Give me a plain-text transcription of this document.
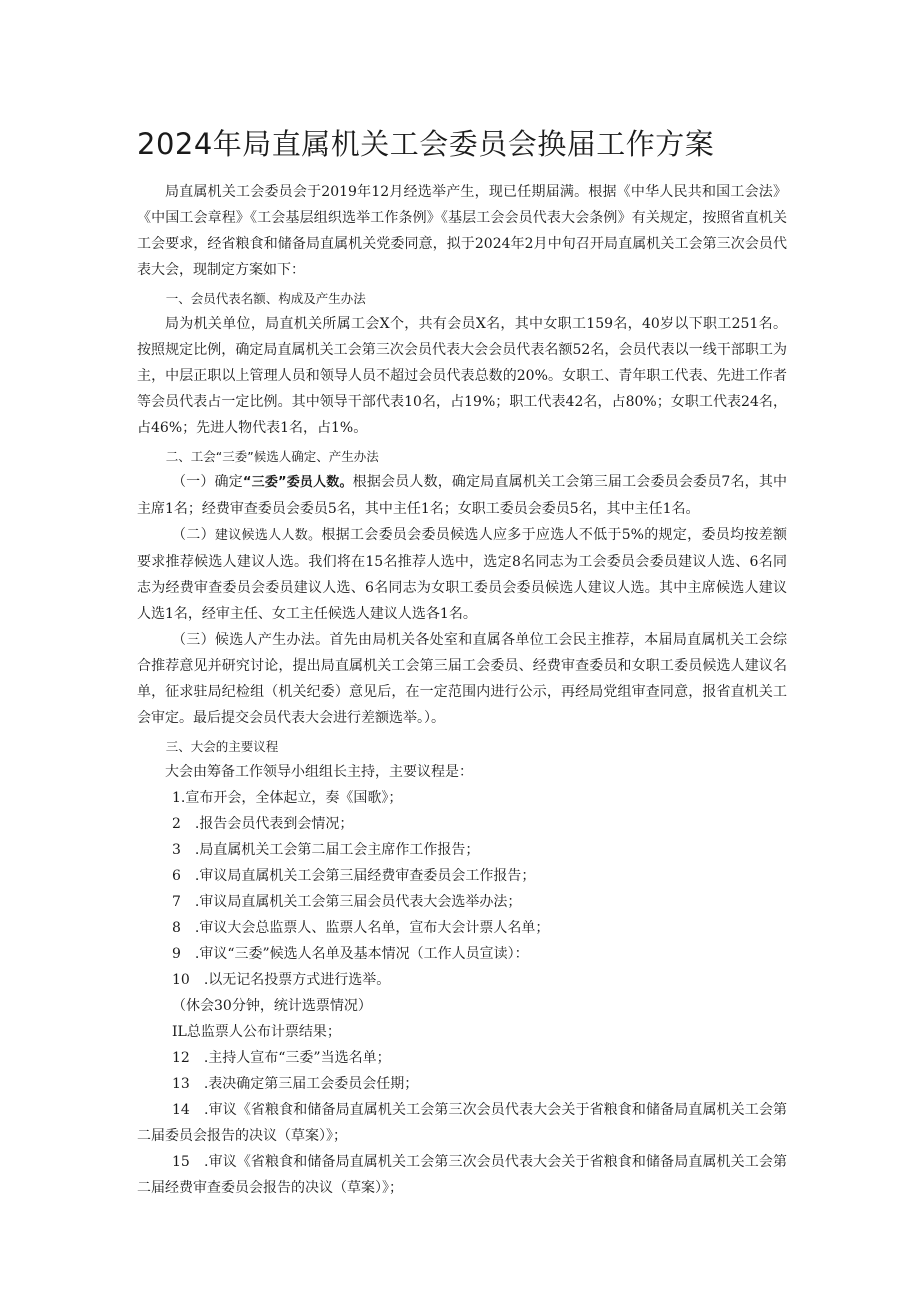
2024年局直属机关工会委员会换届工作方案

局直属机关工会委员会于2019年12月经选举产生，现已任期届满。根据《中华人民共和国工会法》《中国工会章程》《工会基层组织选举工作条例》《基层工会会员代表大会条例》有关规定，按照省直机关工会要求，经省粮食和储备局直属机关党委同意，拟于2024年2月中旬召开局直属机关工会第三次会员代表大会，现制定方案如下：

一、会员代表名额、构成及产生办法

局为机关单位，局直机关所属工会X个，共有会员X名，其中女职工159名，40岁以下职工251名。按照规定比例，确定局直属机关工会第三次会员代表大会会员代表名额52名，会员代表以一线干部职工为主，中层正职以上管理人员和领导人员不超过会员代表总数的20%。女职工、青年职工代表、先进工作者等会员代表占一定比例。其中领导干部代表10名，占19%；职工代表42名，占80%；女职工代表24名，占46%；先进人物代表1名，占1%。

二、工会“三委”候选人确定、产生办法

（一）确定“三委”委员人数。根据会员人数，确定局直属机关工会第三届工会委员会委员7名，其中主席1名；经费审查委员会委员5名，其中主任1名；女职工委员会委员5名，其中主任1名。

（二）建议候选人人数。根据工会委员会委员候选人应多于应选人不低于5%的规定，委员均按差额要求推荐候选人建议人选。我们将在15名推荐人选中，选定8名同志为工会委员会委员建议人选、6名同志为经费审查委员会委员建议人选、6名同志为女职工委员会委员候选人建议人选。其中主席候选人建议人选1名，经审主任、女工主任候选人建议人选各1名。

（三）候选人产生办法。首先由局机关各处室和直属各单位工会民主推荐，本届局直属机关工会综合推荐意见并研究讨论，提出局直属机关工会第三届工会委员、经费审查委员和女职工委员候选人建议名单，征求驻局纪检组（机关纪委）意见后，在一定范围内进行公示，再经局党组审查同意，报省直机关工会审定。最后提交会员代表大会进行差额选举。）。

三、大会的主要议程

大会由筹备工作领导小组组长主持，主要议程是：

1.宣布开会，全体起立，奏《国歌》；

2　.报告会员代表到会情况；

3　.局直属机关工会第二届工会主席作工作报告；

6　.审议局直属机关工会第三届经费审查委员会工作报告；

7　.审议局直属机关工会第三届会员代表大会选举办法；

8　.审议大会总监票人、监票人名单，宣布大会计票人名单；

9　.审议“三委”候选人名单及基本情况（工作人员宣读）：

10　.以无记名投票方式进行选举。

（休会30分钟，统计选票情况）

IL总监票人公布计票结果；

12　.主持人宣布“三委”当选名单；

13　.表决确定第三届工会委员会任期；

14　.审议《省粮食和储备局直属机关工会第三次会员代表大会关于省粮食和储备局直属机关工会第二届委员会报告的决议（草案）》；

15　.审议《省粮食和储备局直属机关工会第三次会员代表大会关于省粮食和储备局直属机关工会第二届经费审查委员会报告的决议（草案）》；
